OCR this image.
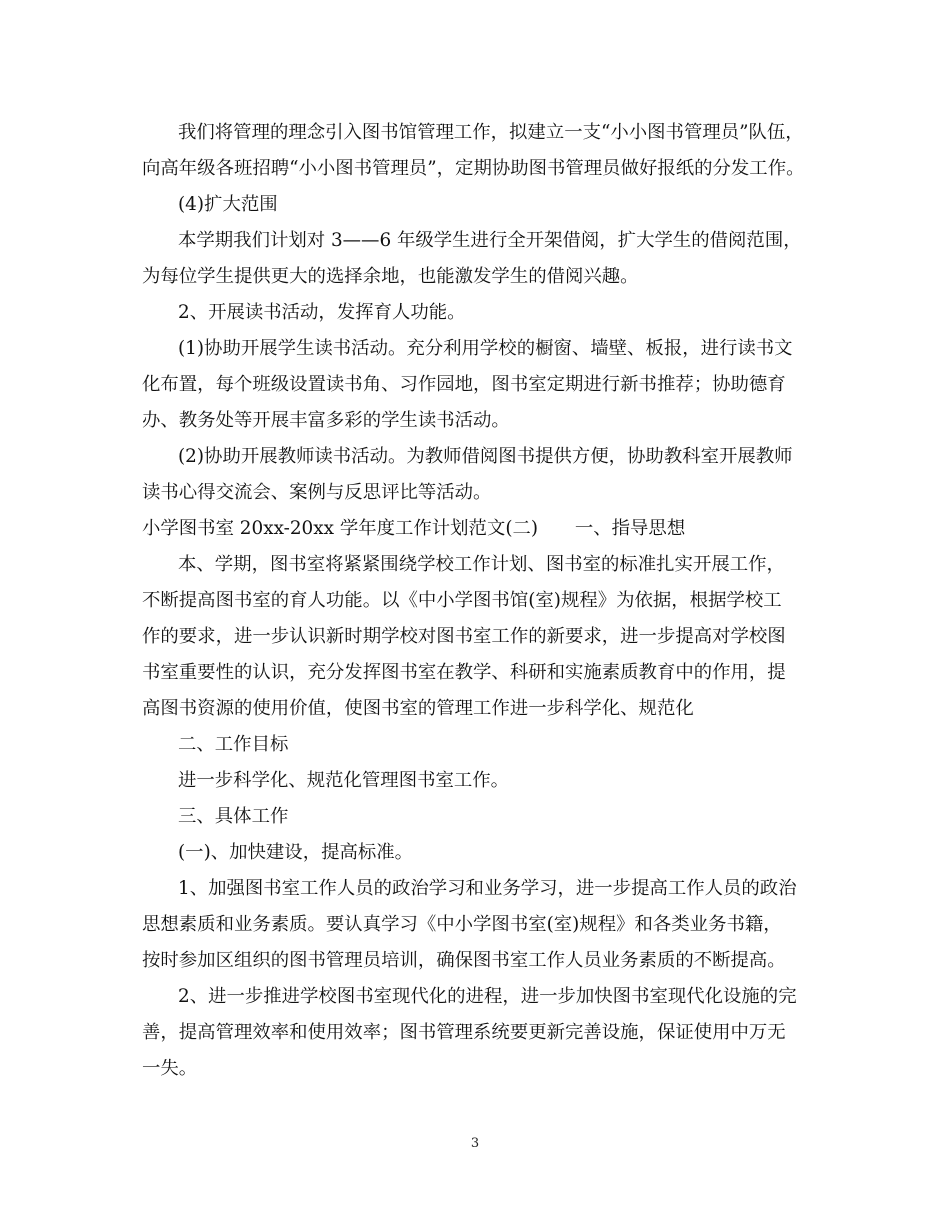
我们将管理的理念引入图书馆管理工作，拟建立一支“小小图书管理员”队伍，
向高年级各班招聘“小小图书管理员”，定期协助图书管理员做好报纸的分发工作。
(4)扩大范围
本学期我们计划对 3——6 年级学生进行全开架借阅，扩大学生的借阅范围，
为每位学生提供更大的选择余地，也能激发学生的借阅兴趣。
2、开展读书活动，发挥育人功能。
(1)协助开展学生读书活动。充分利用学校的橱窗、墙壁、板报，进行读书文
化布置，每个班级设置读书角、习作园地，图书室定期进行新书推荐；协助德育
办、教务处等开展丰富多彩的学生读书活动。
(2)协助开展教师读书活动。为教师借阅图书提供方便，协助教科室开展教师
读书心得交流会、案例与反思评比等活动。
小学图书室 20xx-20xx 学年度工作计划范文(二)　　一、指导思想
本、学期，图书室将紧紧围绕学校工作计划、图书室的标准扎实开展工作，
不断提高图书室的育人功能。以《中小学图书馆(室)规程》为依据，根据学校工
作的要求，进一步认识新时期学校对图书室工作的新要求，进一步提高对学校图
书室重要性的认识，充分发挥图书室在教学、科研和实施素质教育中的作用，提
高图书资源的使用价值，使图书室的管理工作进一步科学化、规范化
二、工作目标
进一步科学化、规范化管理图书室工作。
三、具体工作
(一)、加快建设，提高标准。
1、加强图书室工作人员的政治学习和业务学习，进一步提高工作人员的政治
思想素质和业务素质。要认真学习《中小学图书室(室)规程》和各类业务书籍，
按时参加区组织的图书管理员培训，确保图书室工作人员业务素质的不断提高。
2、进一步推进学校图书室现代化的进程，进一步加快图书室现代化设施的完
善，提高管理效率和使用效率；图书管理系统要更新完善设施，保证使用中万无
一失。
3
